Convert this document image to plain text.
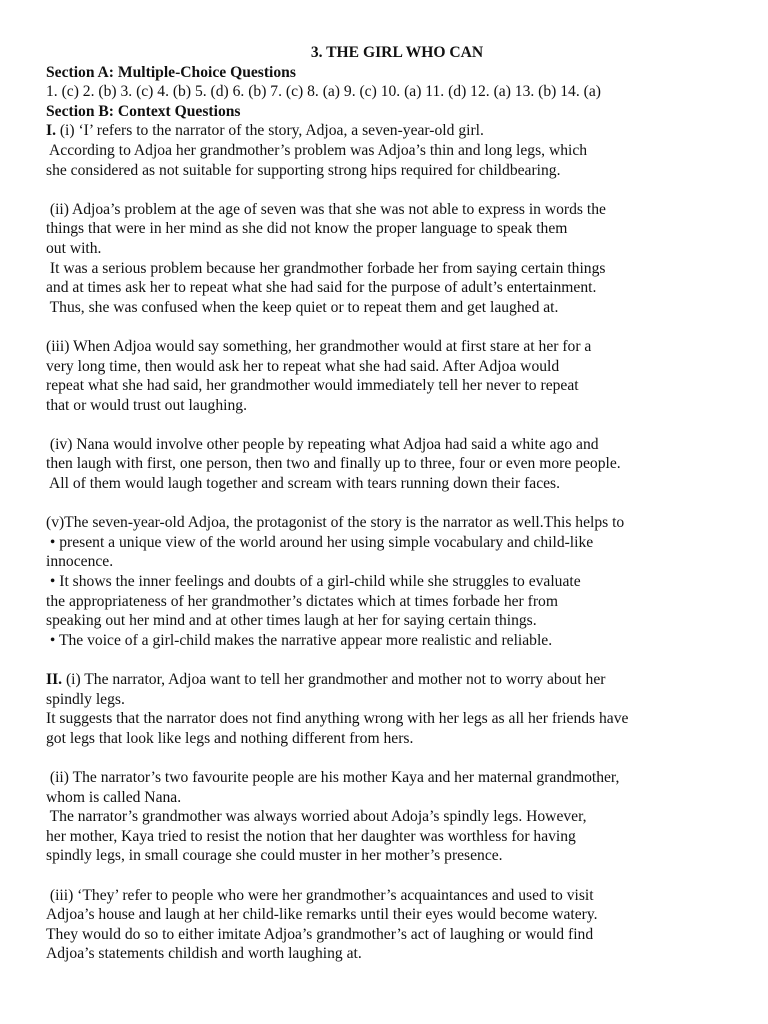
3. THE GIRL WHO CAN
Section A: Multiple-Choice Questions
1. (c) 2. (b) 3. (c) 4. (b) 5. (d) 6. (b) 7. (c) 8. (a) 9. (c) 10. (a) 11. (d) 12. (a) 13. (b) 14. (a)
Section B: Context Questions
I. (i) ‘I’ refers to the narrator of the story, Adjoa, a seven-year-old girl.
According to Adjoa her grandmother’s problem was Adjoa’s thin and long legs, which
she considered as not suitable for supporting strong hips required for childbearing.
(ii) Adjoa’s problem at the age of seven was that she was not able to express in words the
things that were in her mind as she did not know the proper language to speak them
out with.
It was a serious problem because her grandmother forbade her from saying certain things
and at times ask her to repeat what she had said for the purpose of adult’s entertainment.
Thus, she was confused when the keep quiet or to repeat them and get laughed at.
(iii) When Adjoa would say something, her grandmother would at first stare at her for a
very long time, then would ask her to repeat what she had said. After Adjoa would
repeat what she had said, her grandmother would immediately tell her never to repeat
that or would trust out laughing.
(iv) Nana would involve other people by repeating what Adjoa had said a white ago and
then laugh with first, one person, then two and finally up to three, four or even more people.
All of them would laugh together and scream with tears running down their faces.
(v)The seven-year-old Adjoa, the protagonist of the story is the narrator as well.This helps to
• present a unique view of the world around her using simple vocabulary and child-like
innocence.
• It shows the inner feelings and doubts of a girl-child while she struggles to evaluate
the appropriateness of her grandmother’s dictates which at times forbade her from
speaking out her mind and at other times laugh at her for saying certain things.
• The voice of a girl-child makes the narrative appear more realistic and reliable.
II. (i) The narrator, Adjoa want to tell her grandmother and mother not to worry about her
spindly legs.
It suggests that the narrator does not find anything wrong with her legs as all her friends have
got legs that look like legs and nothing different from hers.
(ii) The narrator’s two favourite people are his mother Kaya and her maternal grandmother,
whom is called Nana.
The narrator’s grandmother was always worried about Adoja’s spindly legs. However,
her mother, Kaya tried to resist the notion that her daughter was worthless for having
spindly legs, in small courage she could muster in her mother’s presence.
(iii) ‘They’ refer to people who were her grandmother’s acquaintances and used to visit
Adjoa’s house and laugh at her child-like remarks until their eyes would become watery.
They would do so to either imitate Adjoa’s grandmother’s act of laughing or would find
Adjoa’s statements childish and worth laughing at.
